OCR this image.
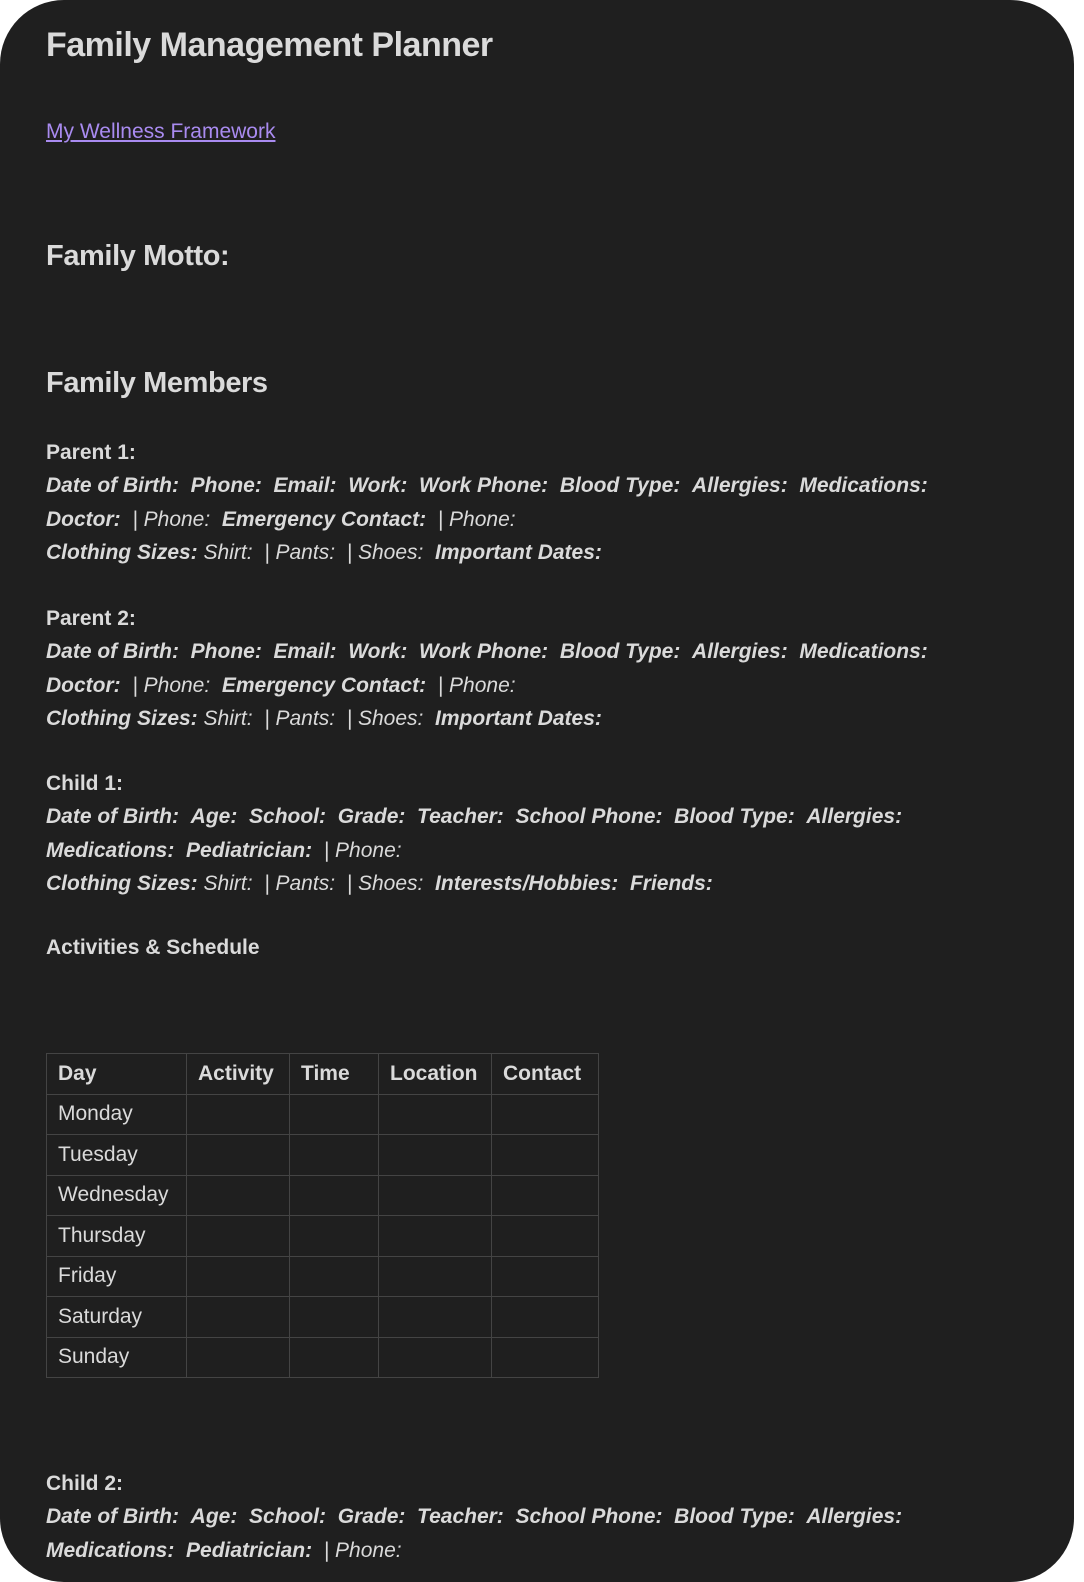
Family Management Planner
My Wellness Framework
Family Motto:
Family Members
Parent 1:
Date of Birth: Phone: Email: Work: Work Phone: Blood Type: Allergies: Medications:
Doctor: | Phone: Emergency Contact: | Phone:
Clothing Sizes: Shirt: | Pants: | Shoes: Important Dates:
Parent 2:
Date of Birth: Phone: Email: Work: Work Phone: Blood Type: Allergies: Medications:
Doctor: | Phone: Emergency Contact: | Phone:
Clothing Sizes: Shirt: | Pants: | Shoes: Important Dates:
Child 1:
Date of Birth: Age: School: Grade: Teacher: School Phone: Blood Type: Allergies:
Medications: Pediatrician: | Phone:
Clothing Sizes: Shirt: | Pants: | Shoes: Interests/Hobbies: Friends:
Activities & Schedule
Day	Activity	Time	Location	Contact
Monday				
Tuesday				
Wednesday				
Thursday				
Friday				
Saturday				
Sunday				
Child 2:
Date of Birth: Age: School: Grade: Teacher: School Phone: Blood Type: Allergies:
Medications: Pediatrician: | Phone:
